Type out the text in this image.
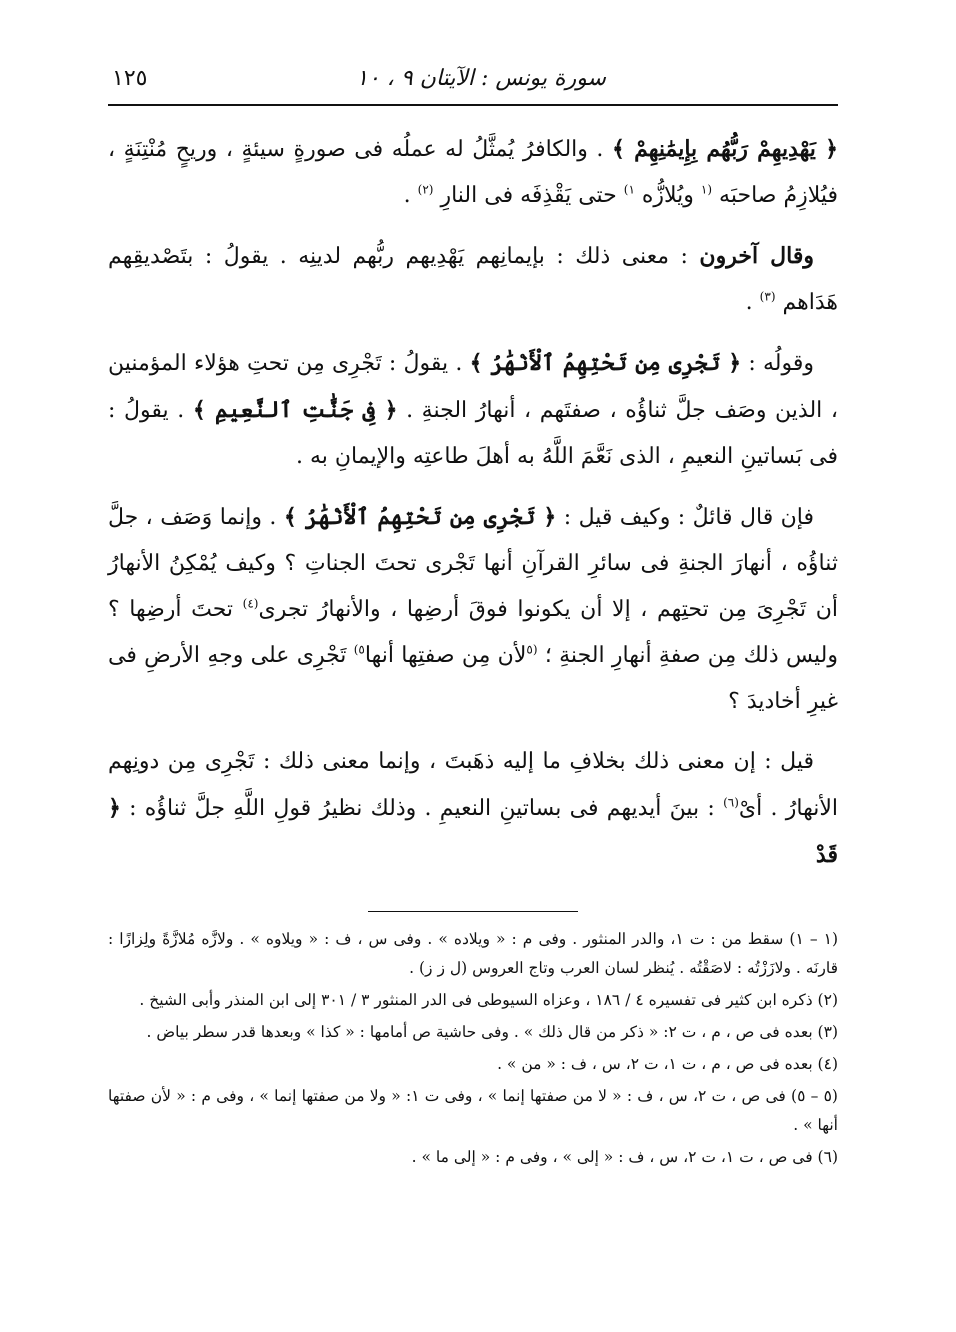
سورة يونس : الآيتان ٩ ، ١٠
١٢٥

﴿ يَهْدِيهِمْ رَبُّهُم بِإِيمَٰنِهِمْ ﴾ . والكافرُ يُمثَّلُ له عملُه فى صورةٍ سيئةٍ ، وريحٍ مُنْتِنَةٍ ، فيُلازِمُ صاحبَه $^{(١}$ ويُلازُّه $^{١)}$ حتى يَقْذِفَه فى النارِ $^{(٢)}$ .

وقال آخرون : معنى ذلك : بإيمانِهم يَهْدِيهم ربُّهم لدينِه . يقولُ : بتَصْديقِهم هَدَاهم $^{(٣)}$ .

وقولُه : ﴿ تَجْرِى مِن تَحْتِهِمُ ٱلْأَنْهَٰرُ ﴾ . يقولُ : تَجْرِى مِن تحتِ هؤلاء المؤمنين ، الذين وصَف جلَّ ثناؤُه ، صفتَهم ، أنهارُ الجنةِ . ﴿ فِى جَنَّٰتِ ٱلنَّعِيمِ ﴾ . يقولُ : فى بَساتينِ النعيمِ ، الذى نَعَّمَ اللَّهُ به أهلَ طاعتِه والإيمانِ به .

فإن قال قائلٌ : وكيف قيل : ﴿ تَجْرِى مِن تَحْتِهِمُ ٱلْأَنْهَٰرُ ﴾ . وإنما وَصَف ، جلَّ ثناؤُه ، أنهارَ الجنةِ فى سائرِ القرآنِ أنها تَجْرى تحتَ الجناتِ ؟ وكيف يُمْكِنُ الأنهارُ أن تَجْرِىَ مِن تحتِهم ، إلا أن يكونوا فوقَ أرضِها ، والأنهارُ تجرى$^{(٤)}$ تحتَ أرضِها ؟ وليس ذلك مِن صفةِ أنهارِ الجنةِ ؛ $^{(٥}$لأن مِن صفتِها أنها$^{٥)}$ تَجْرِى على وجهِ الأرضِ فى غيرِ أخاديدَ ؟

قيل : إن معنى ذلك بخلافِ ما إليه ذهَبتَ ، وإنما معنى ذلك : تَجْرِى مِن دونِهم الأنهارُ . أىْ$^{(٦)}$ : بينَ أيديهم فى بساتينِ النعيمِ . وذلك نظيرُ قولِ اللَّهِ جلَّ ثناؤُه : ﴿ قَدْ

(١ – ١) سقط من : ت ١، والدر المنثور . وفى م : « ويلاده » . وفى س ، ف : « ويلاوه » . ولازَّه مُلازَّةً ولِزازًا : قارنَه . ولازَزْتُه : لاصَقْتُه . يُنظر لسان العرب وتاج العروس (ل ز ز) .

(٢) ذكره ابن كثير فى تفسيره ٤ / ١٨٦ ، وعزاه السيوطى فى الدر المنثور ٣ / ٣٠١ إلى ابن المنذر وأبى الشيخ .

(٣) بعده فى ص ، م ، ت ٢: « ذكر من قال ذلك » . وفى حاشية ص أمامها : « كذا » وبعدها قدر سطر بياض .

(٤) بعده فى ص ، م ، ت ١، ت ٢، س ، ف : « من » .

(٥ – ٥) فى ص ، ت ٢، س ، ف : « لا من صفتها إنما » ، وفى ت ١: « ولا من صفتها إنما » ، وفى م : « لأن صفتها أنها » .

(٦) فى ص ، ت ١، ت ٢، س ، ف : « إلى » ، وفى م : « إلى ما » .
